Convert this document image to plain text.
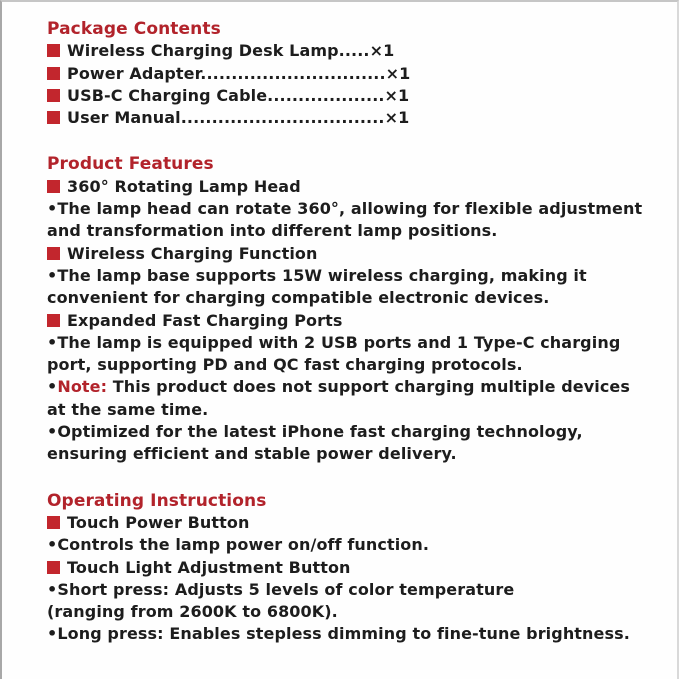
Package Contents
Wireless Charging Desk Lamp.....×1
Power Adapter..............................×1
USB-C Charging Cable...................×1
User Manual.................................×1
Product Features
360° Rotating Lamp Head
•The lamp head can rotate 360°, allowing for flexible adjustment
and transformation into different lamp positions.
Wireless Charging Function
•The lamp base supports 15W wireless charging, making it
convenient for charging compatible electronic devices.
Expanded Fast Charging Ports
•The lamp is equipped with 2 USB ports and 1 Type-C charging
port, supporting PD and QC fast charging protocols.
•Note: This product does not support charging multiple devices
at the same time.
•Optimized for the latest iPhone fast charging technology,
ensuring efficient and stable power delivery.
Operating Instructions
Touch Power Button
•Controls the lamp power on/off function.
Touch Light Adjustment Button
•Short press: Adjusts 5 levels of color temperature
(ranging from 2600K to 6800K).
•Long press: Enables stepless dimming to fine-tune brightness.
